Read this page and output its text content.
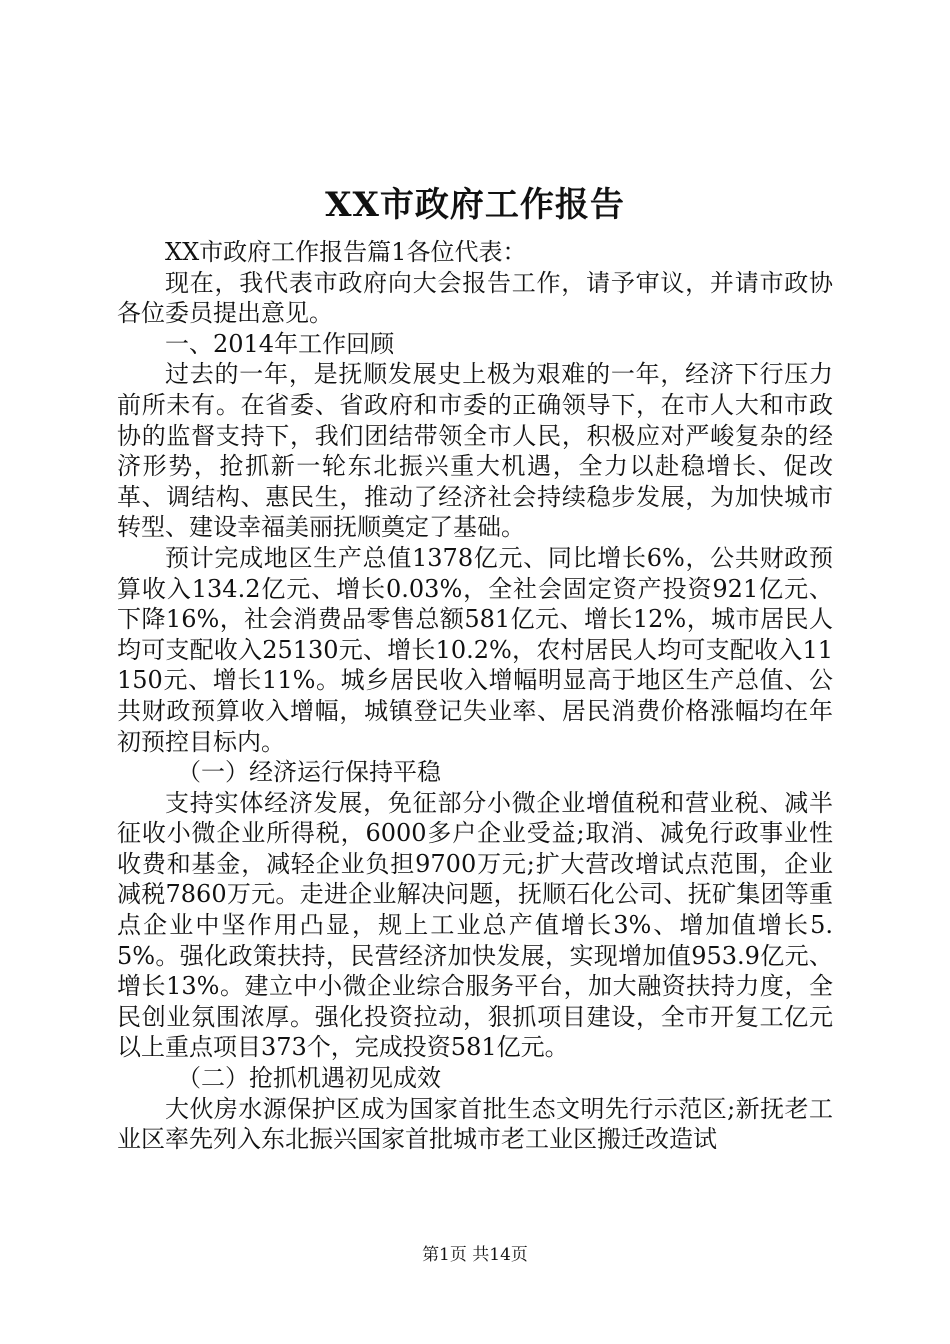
XX市政府工作报告

XX市政府工作报告篇1各位代表：

现在，我代表市政府向大会报告工作，请予审议，并请市政协各位委员提出意见。

一、2014年工作回顾

过去的一年，是抚顺发展史上极为艰难的一年，经济下行压力前所未有。在省委、省政府和市委的正确领导下，在市人大和市政协的监督支持下，我们团结带领全市人民，积极应对严峻复杂的经济形势，抢抓新一轮东北振兴重大机遇，全力以赴稳增长、促改革、调结构、惠民生，推动了经济社会持续稳步发展，为加快城市转型、建设幸福美丽抚顺奠定了基础。

预计完成地区生产总值1378亿元、同比增长6%，公共财政预算收入134.2亿元、增长0.03%，全社会固定资产投资921亿元、下降16%，社会消费品零售总额581亿元、增长12%，城市居民人均可支配收入25130元、增长10.2%，农村居民人均可支配收入11150元、增长11%。城乡居民收入增幅明显高于地区生产总值、公共财政预算收入增幅，城镇登记失业率、居民消费价格涨幅均在年初预控目标内。

（一）经济运行保持平稳

支持实体经济发展，免征部分小微企业增值税和营业税、减半征收小微企业所得税，6000多户企业受益;取消、减免行政事业性收费和基金，减轻企业负担9700万元;扩大营改增试点范围，企业减税7860万元。走进企业解决问题，抚顺石化公司、抚矿集团等重点企业中坚作用凸显，规上工业总产值增长3%、增加值增长5.5%。强化政策扶持，民营经济加快发展，实现增加值953.9亿元、增长13%。建立中小微企业综合服务平台，加大融资扶持力度，全民创业氛围浓厚。强化投资拉动，狠抓项目建设，全市开复工亿元以上重点项目373个，完成投资581亿元。

（二）抢抓机遇初见成效

大伙房水源保护区成为国家首批生态文明先行示范区;新抚老工业区率先列入东北振兴国家首批城市老工业区搬迁改造试

第1页 共14页
